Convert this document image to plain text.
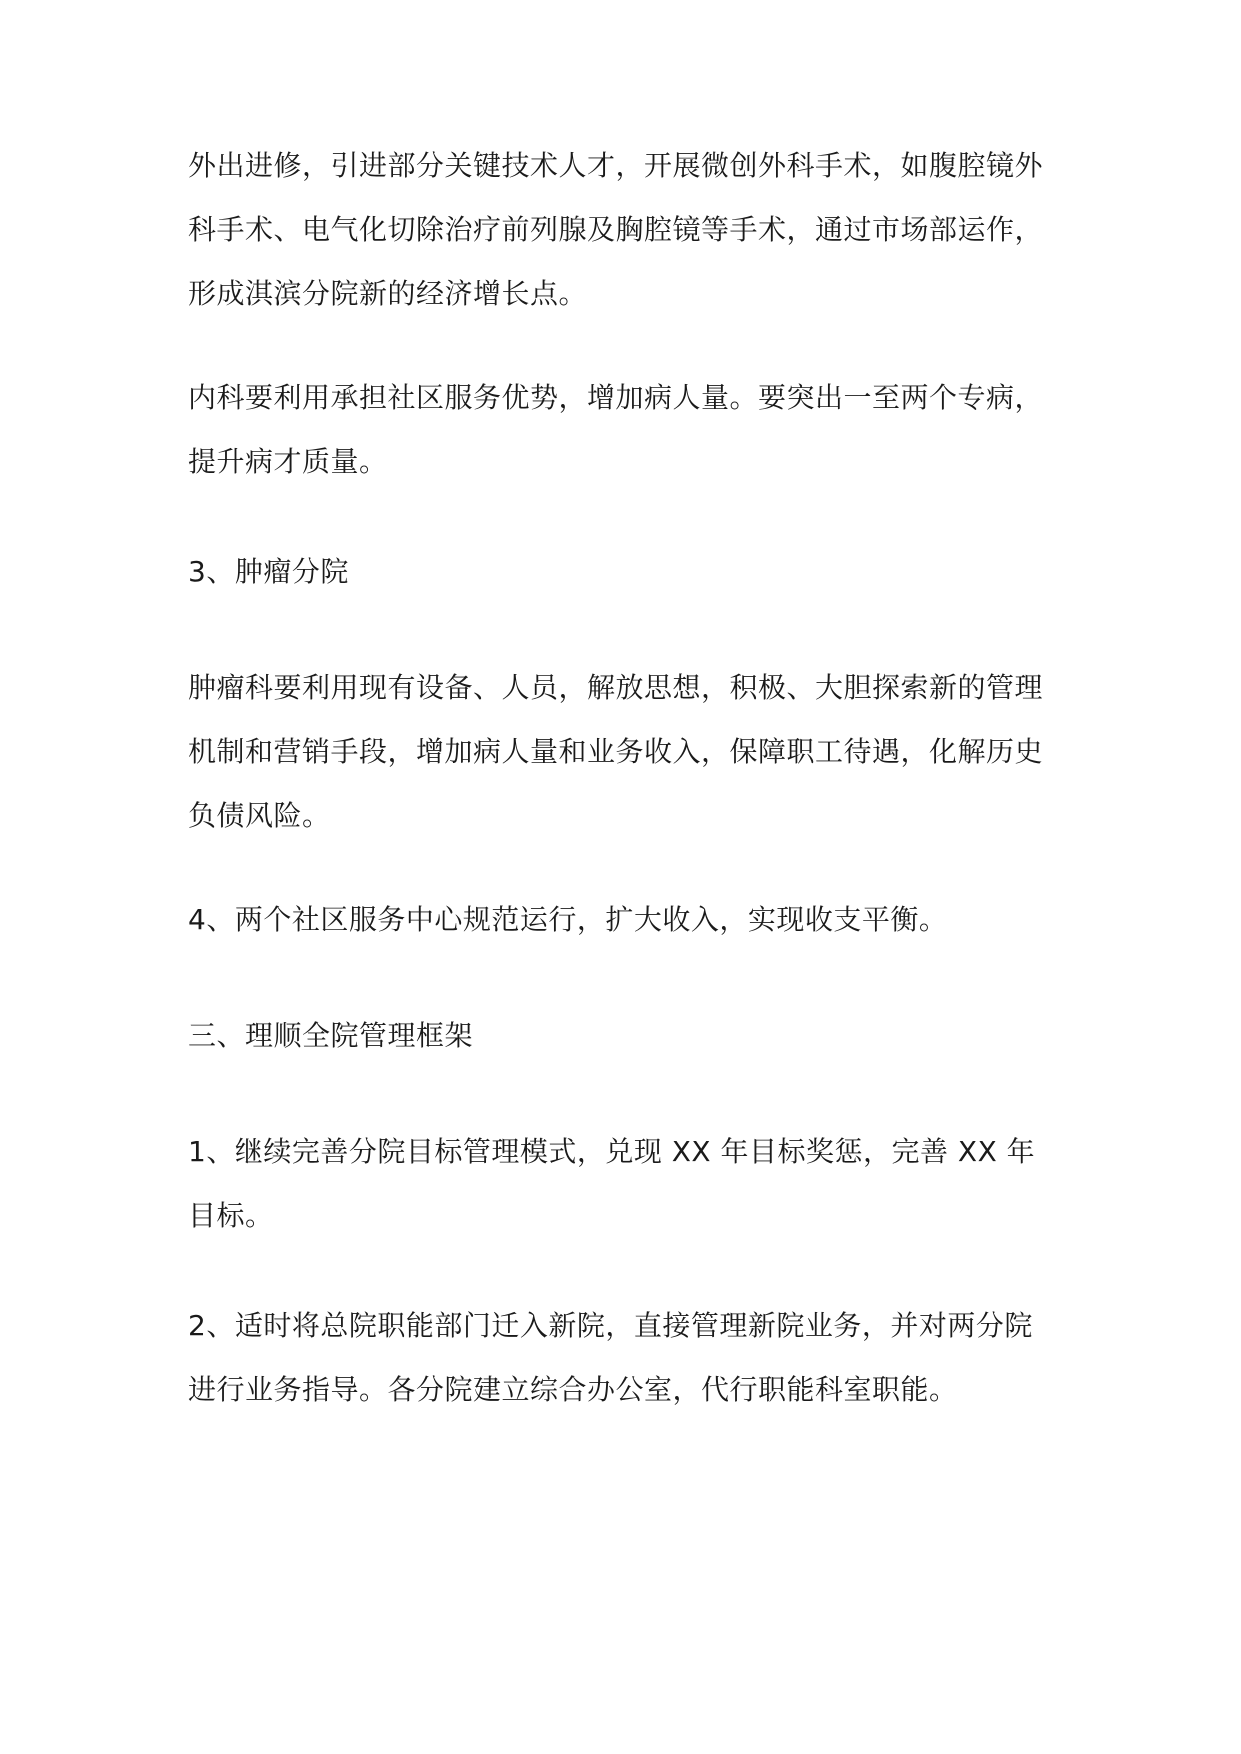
外出进修，引进部分关键技术人才，开展微创外科手术，如腹腔镜外
科手术、电气化切除治疗前列腺及胸腔镜等手术，通过市场部运作，
形成淇滨分院新的经济增长点。
内科要利用承担社区服务优势，增加病人量。要突出一至两个专病，
提升病才质量。
3、肿瘤分院
肿瘤科要利用现有设备、人员，解放思想，积极、大胆探索新的管理
机制和营销手段，增加病人量和业务收入，保障职工待遇，化解历史
负债风险。
4、两个社区服务中心规范运行，扩大收入，实现收支平衡。
三、理顺全院管理框架
1、继续完善分院目标管理模式，兑现 XX 年目标奖惩，完善 XX 年
目标。
2、适时将总院职能部门迁入新院，直接管理新院业务，并对两分院
进行业务指导。各分院建立综合办公室，代行职能科室职能。
